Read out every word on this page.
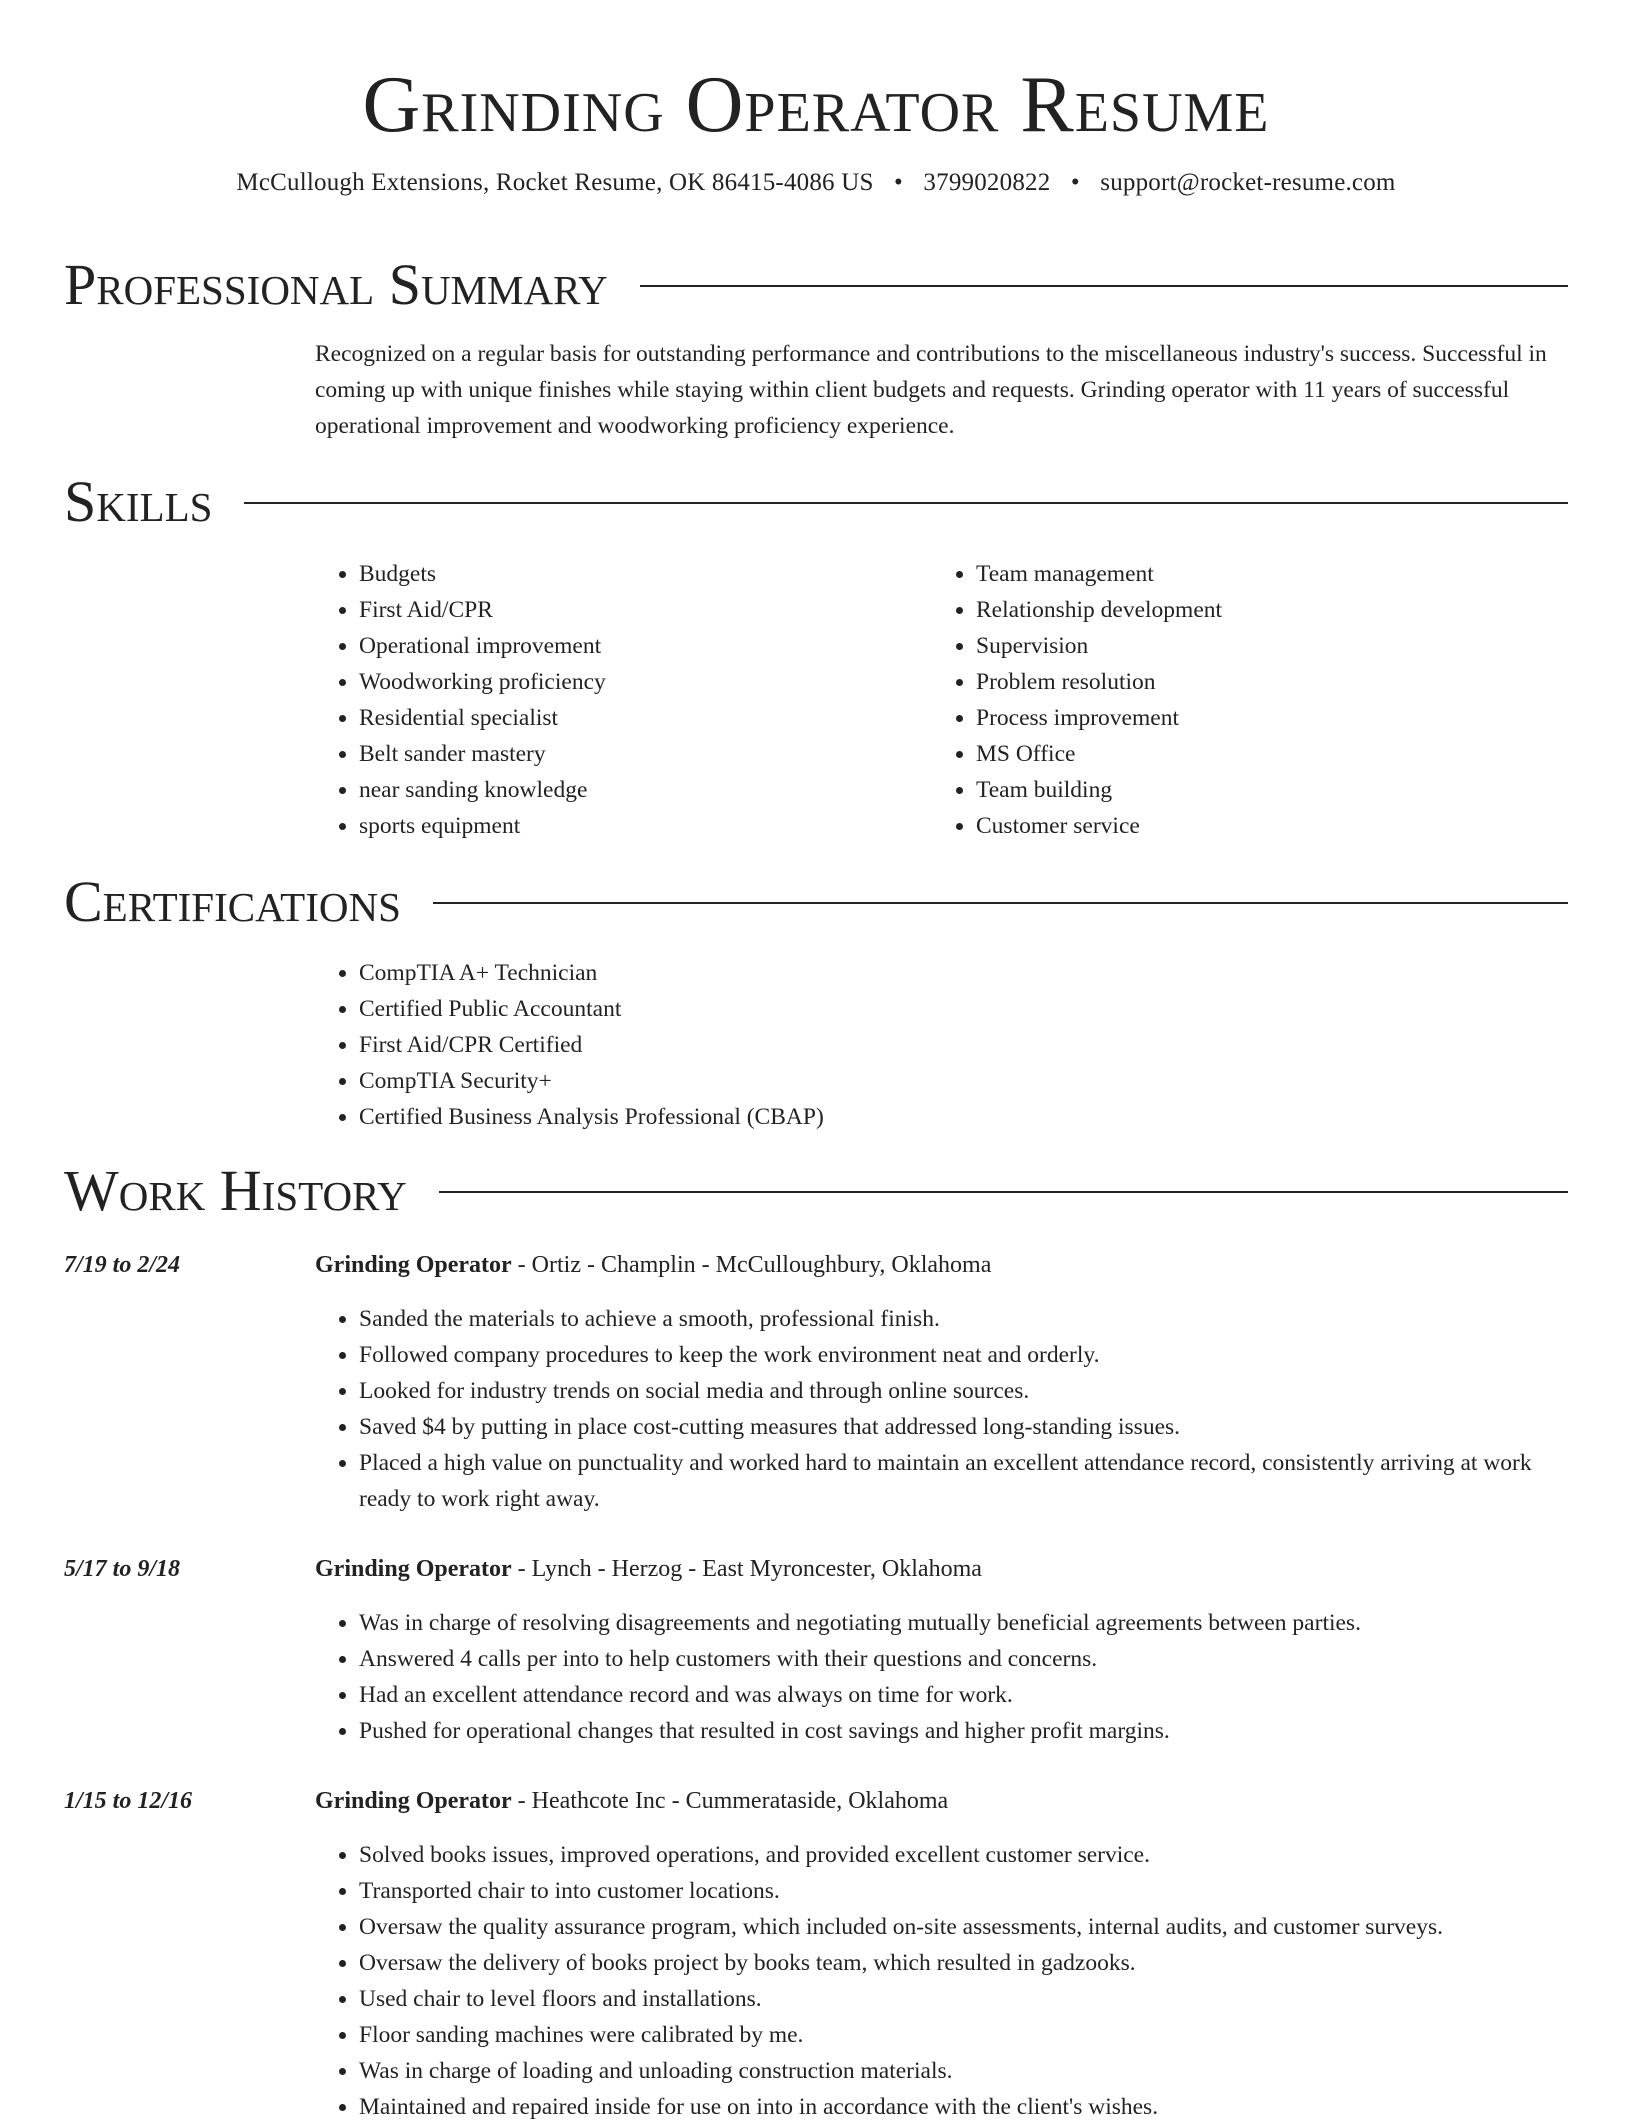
Grinding Operator Resume
McCullough Extensions, Rocket Resume, OK 86415-4086 US • 3799020822 • support@rocket-resume.com
Professional Summary
Recognized on a regular basis for outstanding performance and contributions to the miscellaneous industry's success. Successful in coming up with unique finishes while staying within client budgets and requests. Grinding operator with 11 years of successful operational improvement and woodworking proficiency experience.
Skills
• Budgets
• First Aid/CPR
• Operational improvement
• Woodworking proficiency
• Residential specialist
• Belt sander mastery
• near sanding knowledge
• sports equipment
• Team management
• Relationship development
• Supervision
• Problem resolution
• Process improvement
• MS Office
• Team building
• Customer service
Certifications
• CompTIA A+ Technician
• Certified Public Accountant
• First Aid/CPR Certified
• CompTIA Security+
• Certified Business Analysis Professional (CBAP)
Work History
7/19 to 2/24	Grinding Operator - Ortiz - Champlin - McCulloughbury, Oklahoma
• Sanded the materials to achieve a smooth, professional finish.
• Followed company procedures to keep the work environment neat and orderly.
• Looked for industry trends on social media and through online sources.
• Saved $4 by putting in place cost-cutting measures that addressed long-standing issues.
• Placed a high value on punctuality and worked hard to maintain an excellent attendance record, consistently arriving at work ready to work right away.
5/17 to 9/18	Grinding Operator - Lynch - Herzog - East Myroncester, Oklahoma
• Was in charge of resolving disagreements and negotiating mutually beneficial agreements between parties.
• Answered 4 calls per into to help customers with their questions and concerns.
• Had an excellent attendance record and was always on time for work.
• Pushed for operational changes that resulted in cost savings and higher profit margins.
1/15 to 12/16	Grinding Operator - Heathcote Inc - Cummerataside, Oklahoma
• Solved books issues, improved operations, and provided excellent customer service.
• Transported chair to into customer locations.
• Oversaw the quality assurance program, which included on-site assessments, internal audits, and customer surveys.
• Oversaw the delivery of books project by books team, which resulted in gadzooks.
• Used chair to level floors and installations.
• Floor sanding machines were calibrated by me.
• Was in charge of loading and unloading construction materials.
• Maintained and repaired inside for use on into in accordance with the client's wishes.
